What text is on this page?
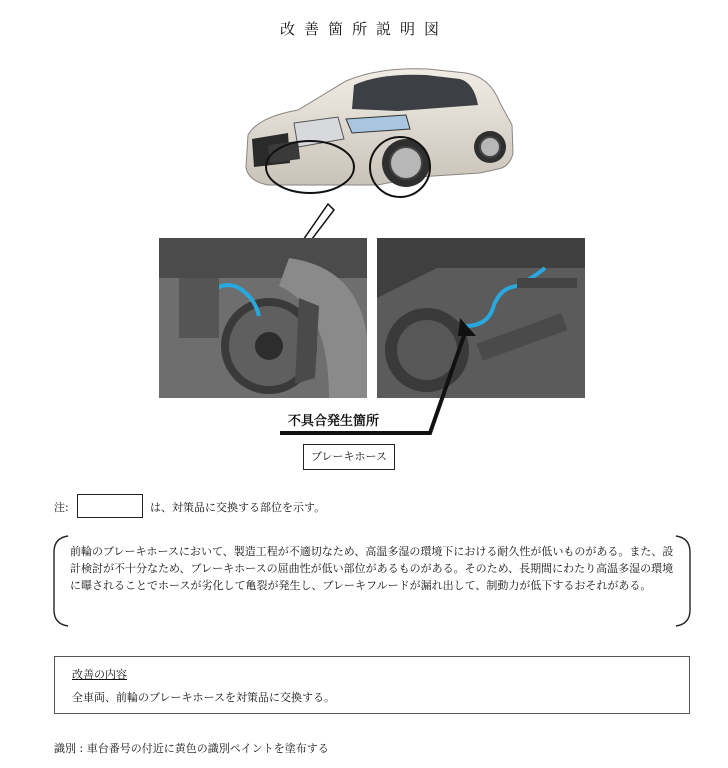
改善箇所説明図
不具合発生箇所
ブレーキホース
注:	は、対策品に交換する部位を示す。
前輪のブレーキホースにおいて、製造工程が不適切なため、高温多湿の環境下における耐久性が低いものがある。また、設計検討が不十分なため、ブレーキホースの屈曲性が低い部位があるものがある。そのため、長期間にわたり高温多湿の環境に曝されることでホースが劣化して亀裂が発生し、ブレーキフルードが漏れ出して、制動力が低下するおそれがある。
改善の内容
全車両、前輪のブレーキホースを対策品に交換する。
識別 : 車台番号の付近に黄色の識別ペイントを塗布する
